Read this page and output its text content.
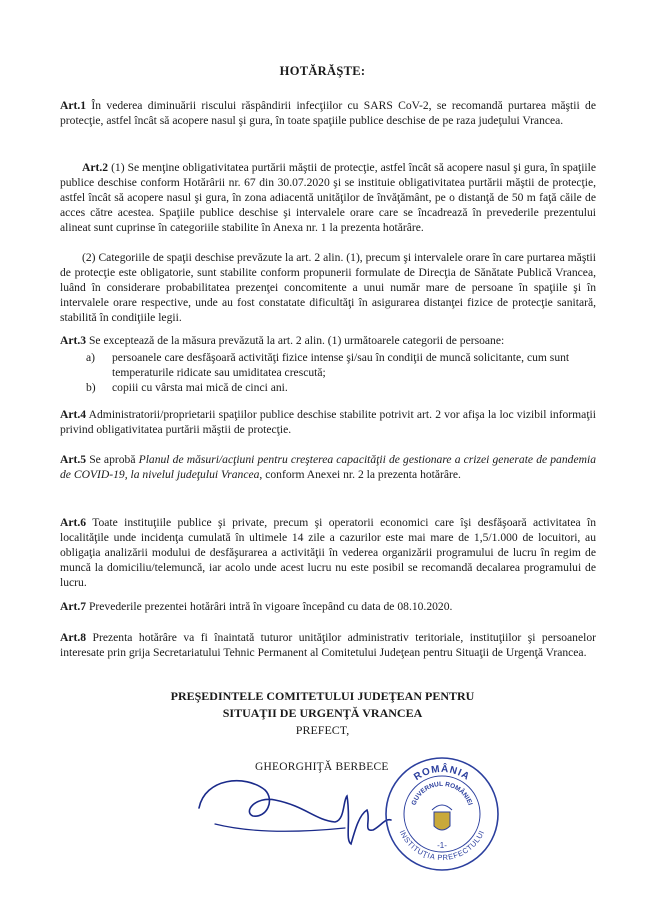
HOTĂRĂŞTE:
Art.1 În vederea diminuării riscului răspândirii infecţiilor cu SARS CoV-2, se recomandă purtarea măştii de protecţie, astfel încât să acopere nasul şi gura, în toate spaţiile publice deschise de pe raza judeţului Vrancea.
Art.2 (1) Se menţine obligativitatea purtării măştii de protecţie, astfel încât să acopere nasul şi gura, în spaţiile publice deschise conform Hotărârii nr. 67 din 30.07.2020 şi se instituie obligativitatea purtării măştii de protecţie, astfel încât să acopere nasul şi gura, în zona adiacentă unităţilor de învăţământ, pe o distanţă de 50 m faţă căile de acces către acestea. Spaţiile publice deschise şi intervalele orare care se încadrează în prevederile prezentului alineat sunt cuprinse în categoriile stabilite în Anexa nr. 1 la prezenta hotărâre.
(2) Categoriile de spaţii deschise prevăzute la art. 2 alin. (1), precum şi intervalele orare în care purtarea măştii de protecţie este obligatorie, sunt stabilite conform propunerii formulate de Direcţia de Sănătate Publică Vrancea, luând în considerare probabilitatea prezenţei concomitente a unui număr mare de persoane în spaţiile şi în intervalele orare respective, unde au fost constatate dificultăţi în asigurarea distanţei fizice de protecţie sanitară, stabilită în condiţiile legii.
Art.3 Se exceptează de la măsura prevăzută la art. 2 alin. (1) următoarele categorii de persoane:
a) persoanele care desfăşoară activităţi fizice intense şi/sau în condiţii de muncă solicitante, cum sunt temperaturile ridicate sau umiditatea crescută;
b) copiii cu vârsta mai mică de cinci ani.
Art.4 Administratorii/proprietarii spaţiilor publice deschise stabilite potrivit art. 2 vor afişa la loc vizibil informaţii privind obligativitatea purtării măştii de protecţie.
Art.5 Se aprobă Planul de măsuri/acţiuni pentru creşterea capacităţii de gestionare a crizei generate de pandemia de COVID-19, la nivelul judeţului Vrancea, conform Anexei nr. 2 la prezenta hotărâre.
Art.6 Toate instituţiile publice şi private, precum şi operatorii economici care îşi desfăşoară activitatea în localităţile unde incidenţa cumulată în ultimele 14 zile a cazurilor este mai mare de 1,5/1.000 de locuitori, au obligaţia analizării modului de desfăşurarea a activităţii în vederea organizării programului de lucru în regim de muncă la domiciliu/telemuncă, iar acolo unde acest lucru nu este posibil se recomandă decalarea programului de lucru.
Art.7 Prevederile prezentei hotărâri intră în vigoare începând cu data de 08.10.2020.
Art.8 Prezenta hotărâre va fi înaintată tuturor unităţilor administrativ teritoriale, instituţiilor şi persoanelor interesate prin grija Secretariatului Tehnic Permanent al Comitetului Judeţean pentru Situaţii de Urgenţă Vrancea.
PREŞEDINTELE COMITETULUI JUDEŢEAN PENTRU
SITUAŢII DE URGENŢĂ VRANCEA
PREFECT,
GHEORGHIŢĂ BERBECE
ROMÂNIA
INSTITUŢIA PREFECTULUI
GUVERNUL ROMÂNIEI
-1-
